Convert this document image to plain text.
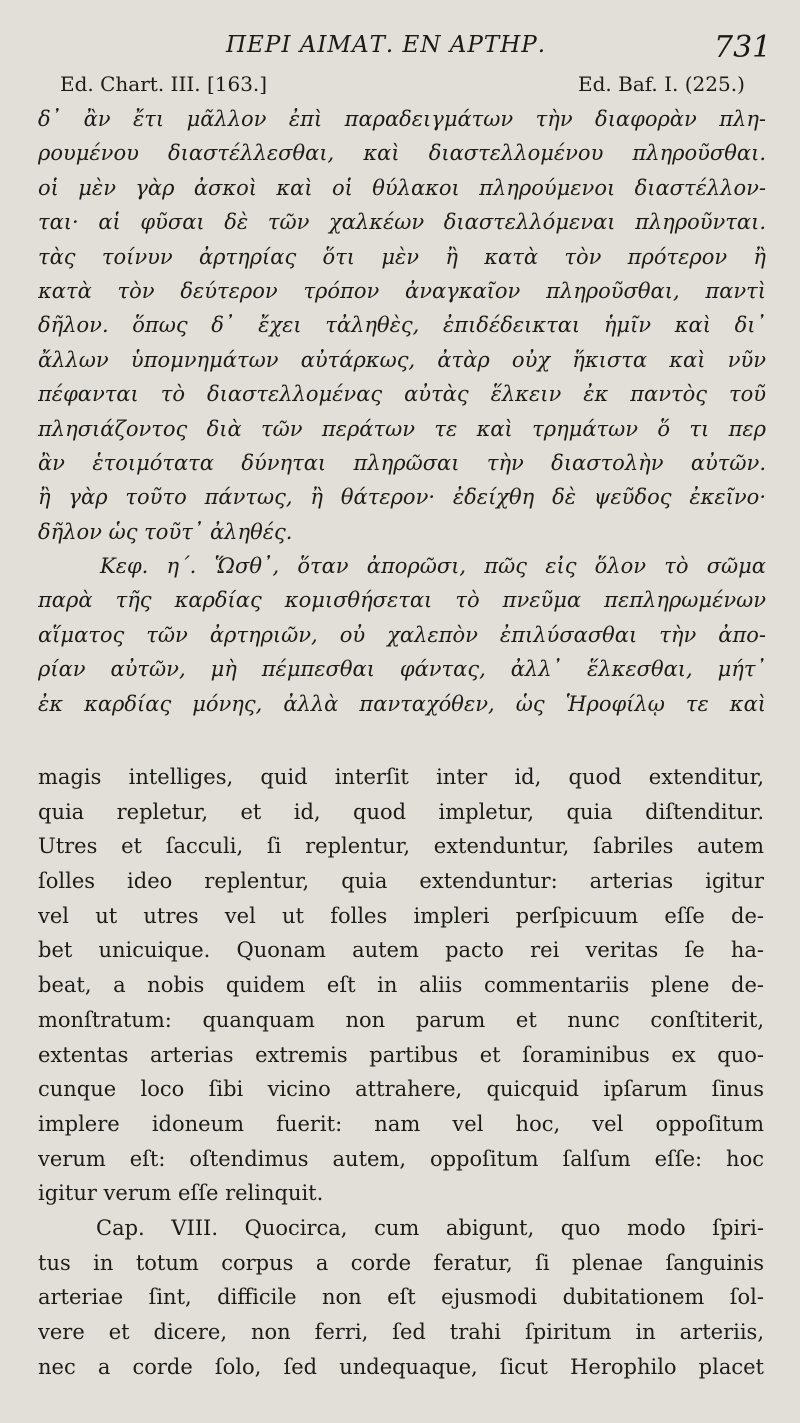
ΠΕΡΙ ΑΙΜΑΤ. ΕΝ ΑΡΤΗΡ.	731
Ed. Chart. III. [163.]	Ed. Baf. I. (225.)
δ᾽ ἂν ἔτι μᾶλλον ἐπὶ παραδειγμάτων τὴν διαφορὰν πλη-
ρουμένου διαστέλλεσθαι, καὶ διαστελλομένου πληροῦσθαι.
οἱ μὲν γὰρ ἀσκοὶ καὶ οἱ θύλακοι πληρούμενοι διαστέλλον-
ται· αἱ φῦσαι δὲ τῶν χαλκέων διαστελλόμεναι πληροῦνται.
τὰς τοίνυν ἀρτηρίας ὅτι μὲν ἢ κατὰ τὸν πρότερον ἢ
κατὰ τὸν δεύτερον τρόπον ἀναγκαῖον πληροῦσθαι, παντὶ
δῆλον. ὅπως δ᾽ ἔχει τἀληθὲς, ἐπιδέδεικται ἡμῖν καὶ δι᾽
ἄλλων ὑπομνημάτων αὐτάρκως, ἀτὰρ οὐχ ἥκιστα καὶ νῦν
πέφανται τὸ διαστελλομένας αὐτὰς ἕλκειν ἐκ παντὸς τοῦ
πλησιάζοντος διὰ τῶν περάτων τε καὶ τρημάτων ὅ τι περ
ἂν ἑτοιμότατα δύνηται πληρῶσαι τὴν διαστολὴν αὐτῶν.
ἢ γὰρ τοῦτο πάντως, ἢ θάτερον· ἐδείχθη δὲ ψεῦδος ἐκεῖνο·
δῆλον ὡς τοῦτ᾽ ἀληθές.
Κεφ. η΄. Ὥσθ᾽, ὅταν ἀπορῶσι, πῶς εἰς ὅλον τὸ σῶμα
παρὰ τῆς καρδίας κομισθήσεται τὸ πνεῦμα πεπληρωμένων
αἵματος τῶν ἀρτηριῶν, οὐ χαλεπὸν ἐπιλύσασθαι τὴν ἀπο-
ρίαν αὐτῶν, μὴ πέμπεσθαι φάντας, ἀλλ᾽ ἕλκεσθαι, μήτ᾽
ἐκ καρδίας μόνης, ἀλλὰ πανταχόθεν, ὡς Ἡροφίλῳ τε καὶ
magis intelliges, quid interſit inter id, quod extenditur,
quia repletur, et id, quod impletur, quia diſtenditur.
Utres et ſacculi, ſi replentur, extenduntur, ſabriles autem
ſolles ideo replentur, quia extenduntur: arterias igitur
vel ut utres vel ut folles impleri perſpicuum eſſe de-
bet unicuique. Quonam autem pacto rei veritas ſe ha-
beat, a nobis quidem eſt in aliis commentariis plene de-
monſtratum: quanquam non parum et nunc conſtiterit,
extentas arterias extremis partibus et ſoraminibus ex quo-
cunque loco ſibi vicino attrahere, quicquid ipſarum ſinus
implere idoneum fuerit: nam vel hoc, vel oppoſitum
verum eſt: oſtendimus autem, oppoſitum ſalſum eſſe: hoc
igitur verum eſſe relinquit.
Cap. VIII. Quocirca, cum abigunt, quo modo ſpiri-
tus in totum corpus a corde feratur, ſi plenae ſanguinis
arteriae ſint, difficile non eſt ejusmodi dubitationem ſol-
vere et dicere, non ferri, ſed trahi ſpiritum in arteriis,
nec a corde ſolo, ſed undequaque, ſicut Herophilo placet
